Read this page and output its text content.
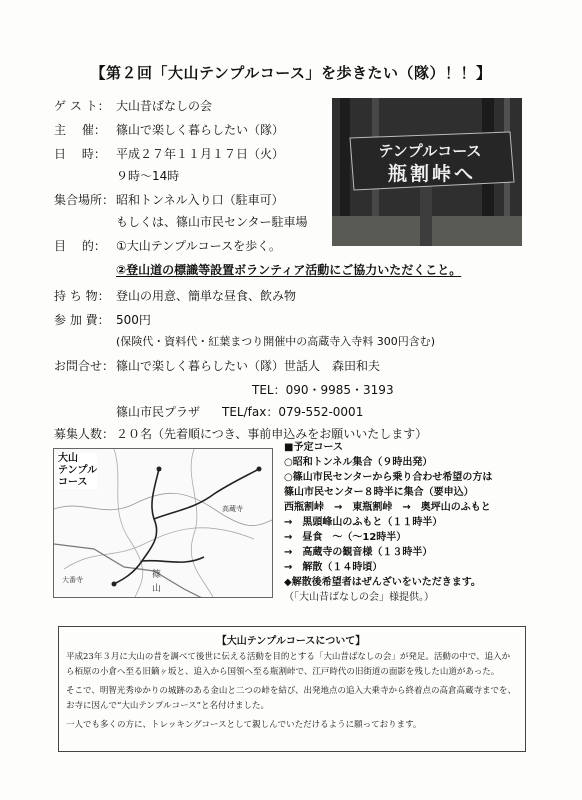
【第２回「大山テンプルコース」を歩きたい（隊）！！】
ゲ ス ト： 大山昔ばなしの会
主　 催： 篠山で楽しく暮らしたい（隊）
日　 時： 平成２７年１１月１７日（火）
９時〜14時
集合場所： 昭和トンネル入り口（駐車可）
もしくは、篠山市民センター駐車場
目　 的： ①大山テンプルコースを歩く。
②登山道の標識等設置ボランティア活動にご協力いただくこと。
持 ち 物： 登山の用意、簡単な昼食、飲み物
参 加 費： 500円
(保険代・資料代・紅葉まつり開催中の高蔵寺入寺料 300円含む)
お問合せ： 篠山で楽しく暮らしたい（隊）世話人　森田和夫
TEL：090・9985・3193
篠山市民プラザ TEL/fax：079-552-0001
募集人数： ２０名（先着順につき、事前申込みをお願いいたします）
テンプルコース
瓶割峠へ
大番寺	篠
山
高蔵寺
大山
テンプル
コース
■予定コース
○昭和トンネル集合（９時出発）
○篠山市民センターから乗り合わせ希望の方は
篠山市民センター８時半に集合（要申込）
西瓶割峠　→　東瓶割峠　→　奥坪山のふもと
→　黒頭峰山のふもと（１１時半）
→　昼食　〜（〜12時半）
→　高蔵寺の観音様（１３時半）
→　解散（１４時頃）
◆解散後希望者はぜんざいをいただきます。
（「大山昔ばなしの会」様提供。）
【大山テンプルコースについて】

平成23年３月に大山の昔を調べて後世に伝える活動を目的とする「大山昔ばなしの会」が発足。活動の中で、追入から栢原の小倉へ至る旧鏑ヶ坂と、追入から国領へ至る瓶割峠で、江戸時代の旧街道の面影を残した山道があった。

そこで、明智光秀ゆかりの城跡のある金山と二つの峠を結び、出発地点の追入大乗寺から終着点の高倉高蔵寺までを、お寺に因んで“大山テンプルコース”と名付けました。

一人でも多くの方に、トレッキングコースとして親しんでいただけるように願っております。
